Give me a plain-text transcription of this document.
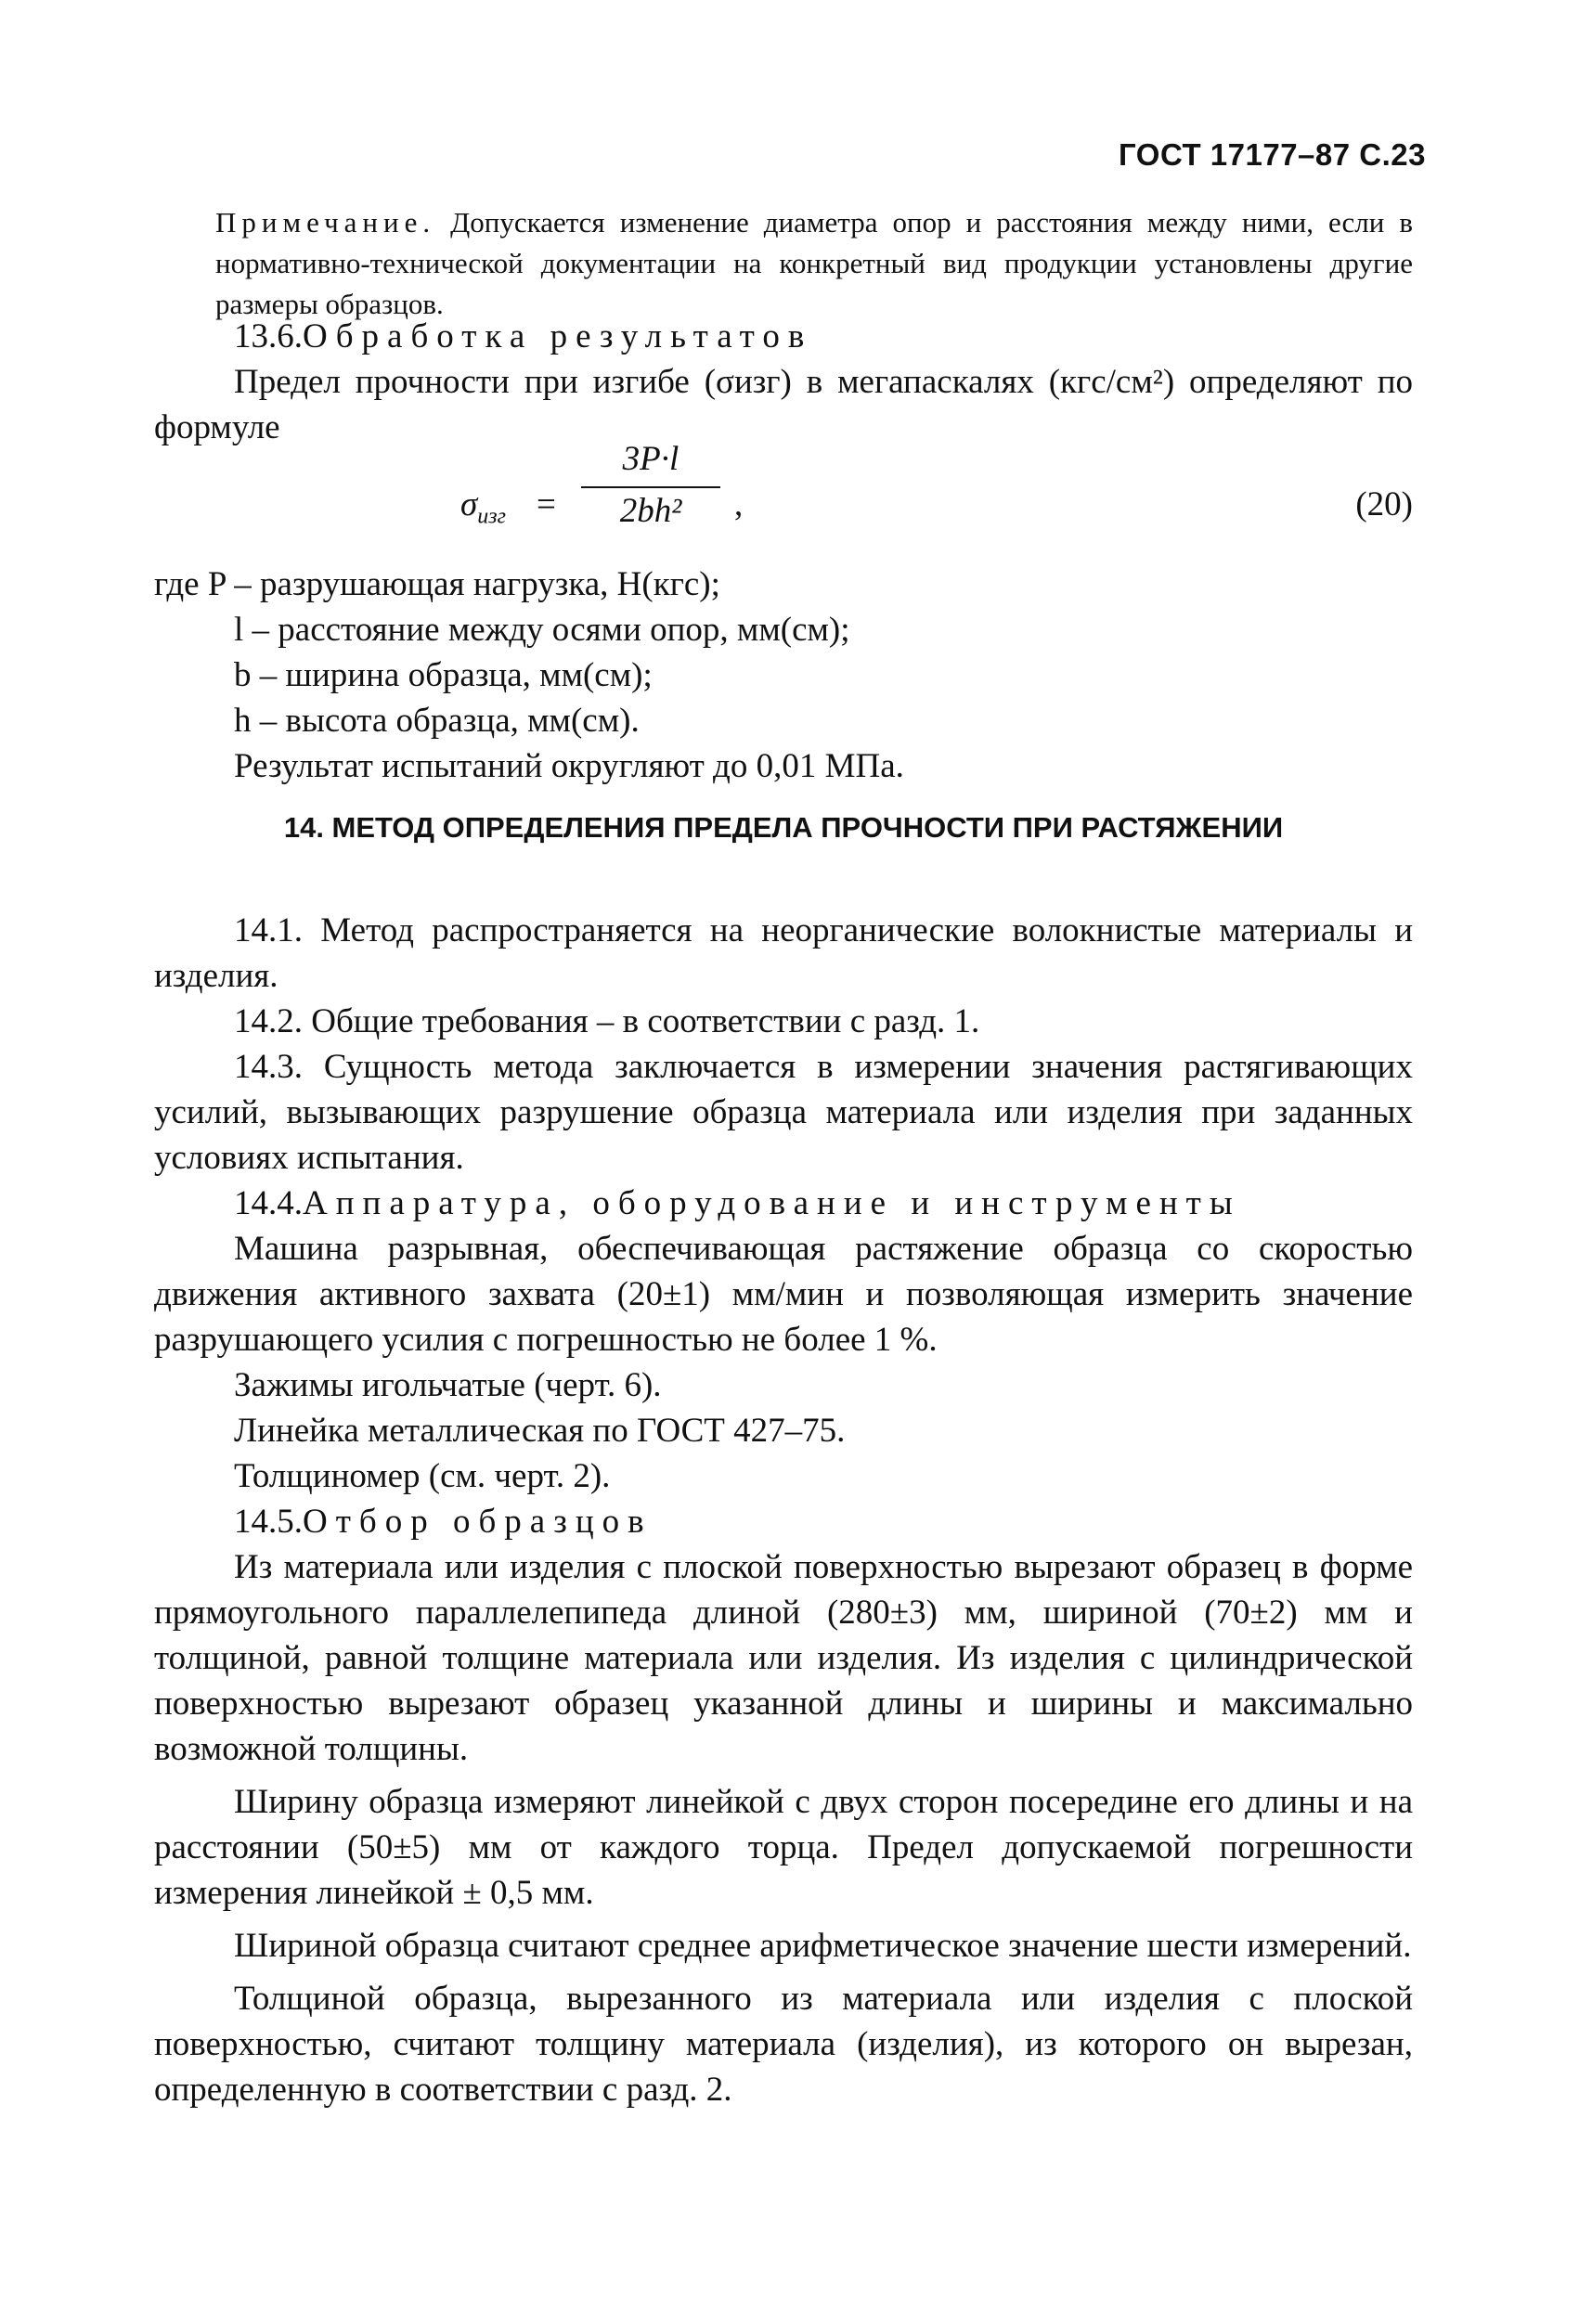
ГОСТ 17177–87 С.23

Примечание. Допускается изменение диаметра опор и расстояния между ними, если в нормативно-технической документации на конкретный вид продукции установлены другие размеры образцов.

13.6.Обработка результатов

Предел прочности при изгибе (σизг) в мегапаскалях (кгс/см²) определяют по формуле

$\sigma_{изг}$ =
3P·l
2bh²	,	(20)

где P – разрушающая нагрузка, Н(кгс);

l – расстояние между осями опор, мм(см);

b – ширина образца, мм(см);

h – высота образца, мм(см).

Результат испытаний округляют до 0,01 МПа.

14. МЕТОД ОПРЕДЕЛЕНИЯ ПРЕДЕЛА ПРОЧНОСТИ ПРИ РАСТЯЖЕНИИ

14.1. Метод распространяется на неорганические волокнистые материалы и изделия.

14.2. Общие требования – в соответствии с разд. 1.

14.3. Сущность метода заключается в измерении значения растягивающих усилий, вызывающих разрушение образца материала или изделия при заданных условиях испытания.

14.4.Аппаратура, оборудование и инструменты

Машина разрывная, обеспечивающая растяжение образца со скоростью движения активного захвата (20±1) мм/мин и позволяющая измерить значение разрушающего усилия с погрешностью не более 1 %.

Зажимы игольчатые (черт. 6).

Линейка металлическая по ГОСТ 427–75.

Толщиномер (см. черт. 2).

14.5.Отбор образцов

Из материала или изделия с плоской поверхностью вырезают образец в форме прямоугольного параллелепипеда длиной (280±3) мм, шириной (70±2) мм и толщиной, равной толщине материала или изделия. Из изделия с цилиндрической поверхностью вырезают образец указанной длины и ширины и максимально возможной толщины.

Ширину образца измеряют линейкой с двух сторон посередине его длины и на расстоянии (50±5) мм от каждого торца. Предел допускаемой погрешности измерения линейкой ± 0,5 мм.

Шириной образца считают среднее арифметическое значение шести измерений.

Толщиной образца, вырезанного из материала или изделия с плоской поверхностью, считают толщину материала (изделия), из которого он вырезан, определенную в соответствии с разд. 2.
